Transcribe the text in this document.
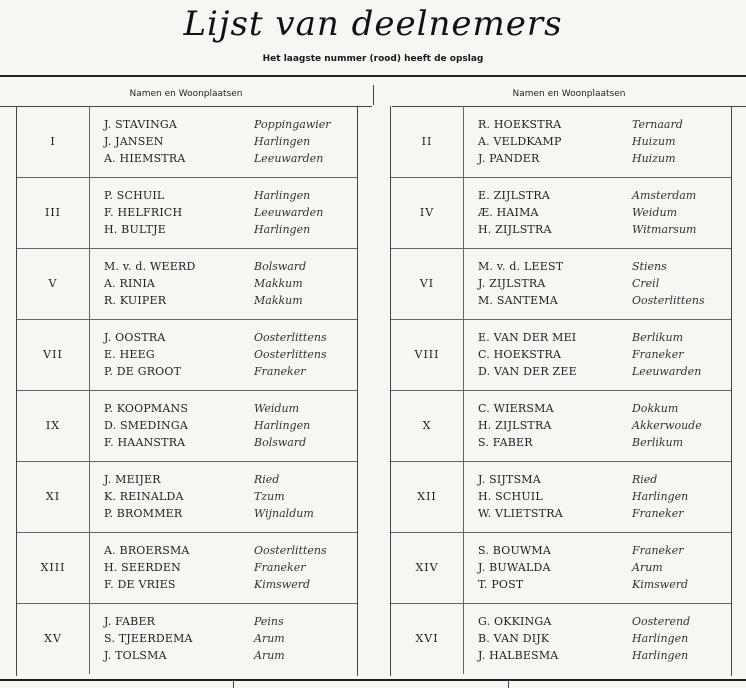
Lijst van deelnemers
Het laagste nummer (rood) heeft de opslag
Namen en Woonplaatsen	Namen en Woonplaatsen
I
J. STAVINGA	Poppingawier
J. JANSEN	Harlingen
A. HIEMSTRA	Leeuwarden
III
P. SCHUIL	Harlingen
F. HELFRICH	Leeuwarden
H. BULTJE	Harlingen
V
M. v. d. WEERD	Bolsward
A. RINIA	Makkum
R. KUIPER	Makkum
VII
J. OOSTRA	Oosterlittens
E. HEEG	Oosterlittens
P. DE GROOT	Franeker
IX
P. KOOPMANS	Weidum
D. SMEDINGA	Harlingen
F. HAANSTRA	Bolsward
XI
J. MEIJER	Ried
K. REINALDA	Tzum
P. BROMMER	Wijnaldum
XIII
A. BROERSMA	Oosterlittens
H. SEERDEN	Franeker
F. DE VRIES	Kimswerd
XV
J. FABER	Peins
S. TJEERDEMA	Arum
J. TOLSMA	Arum
II
R. HOEKSTRA	Ternaard
A. VELDKAMP	Huizum
J. PANDER	Huizum
IV
E. ZIJLSTRA	Amsterdam
Æ. HAIMA	Weidum
H. ZIJLSTRA	Witmarsum
VI
M. v. d. LEEST	Stiens
J. ZIJLSTRA	Creil
M. SANTEMA	Oosterlittens
VIII
E. VAN DER MEI	Berlikum
C. HOEKSTRA	Franeker
D. VAN DER ZEE	Leeuwarden
X
C. WIERSMA	Dokkum
H. ZIJLSTRA	Akkerwoude
S. FABER	Berlikum
XII
J. SIJTSMA	Ried
H. SCHUIL	Harlingen
W. VLIETSTRA	Franeker
XIV
S. BOUWMA	Franeker
J. BUWALDA	Arum
T. POST	Kimswerd
XVI
G. OKKINGA	Oosterend
B. VAN DIJK	Harlingen
J. HALBESMA	Harlingen
